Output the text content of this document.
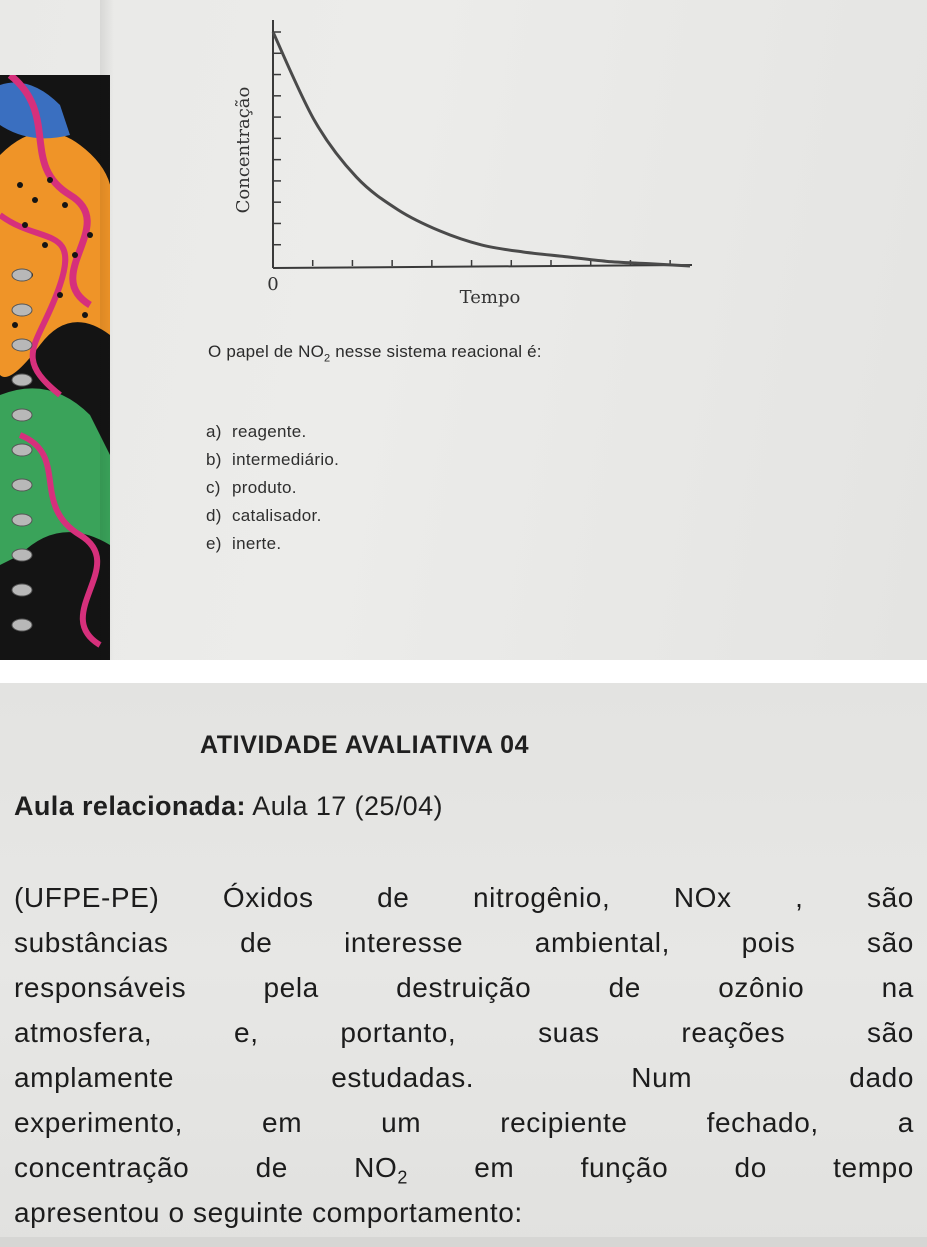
0
Tempo
Concentração
O papel de $NO_2$ nesse sistema reacional é:
a) reagente.
b) intermediário.
c) produto.
d) catalisador.
e) inerte.
ATIVIDADE AVALIATIVA 04
Aula relacionada: Aula 17 (25/04)
(UFPE-PE) Óxidos de nitrogênio, NOx , são
substâncias	de	interesse	ambiental,	pois	são
responsáveis	pela	destruição	de	ozônio	na
atmosfera,	e,	portanto,	suas	reações	são
amplamente	estudadas.	Num	dado
experimento,	em	um	recipiente	fechado,	a
concentração de $NO_2$ em função do tempo
apresentou o seguinte comportamento:
